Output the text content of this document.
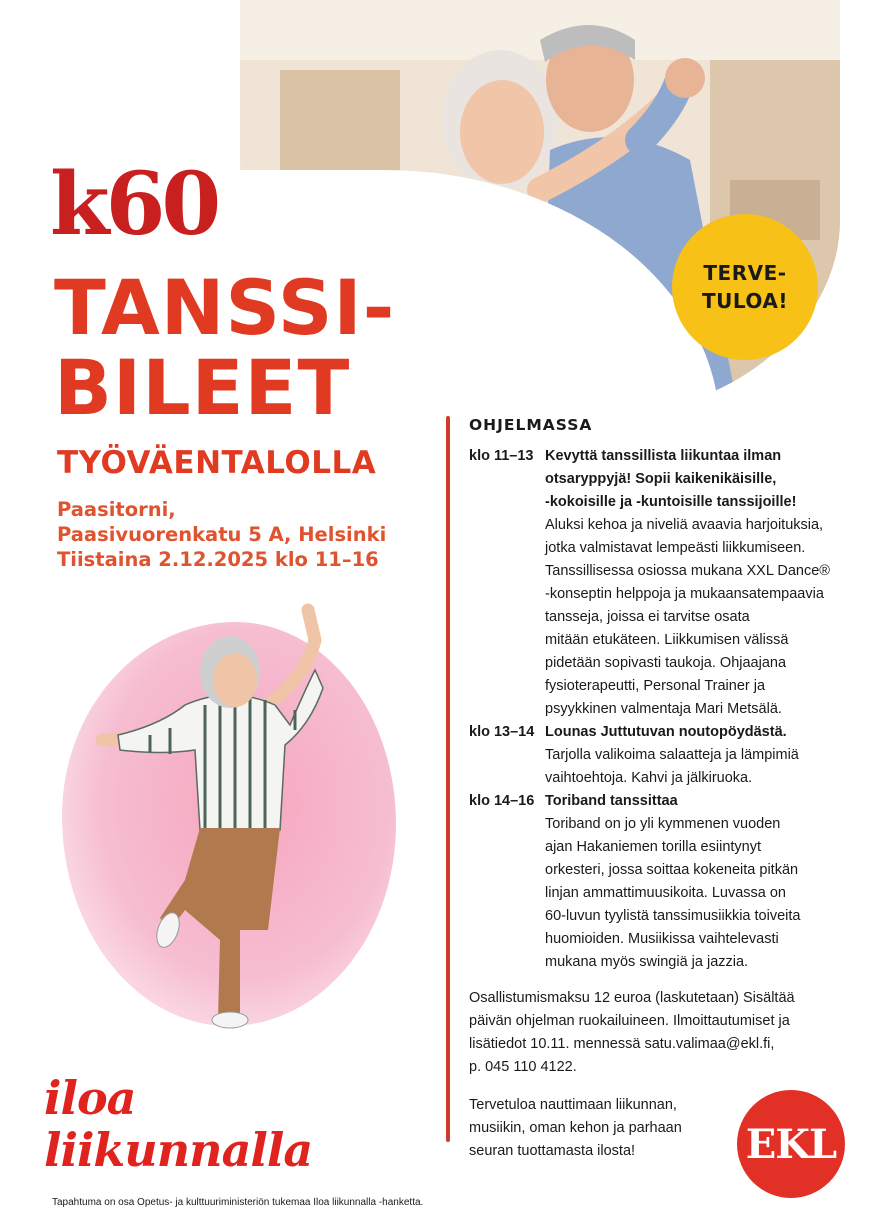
TERVE-
TULOA!
k60
TANSSI-
BILEET
TYÖVÄENTALOLLA
Paasitorni,
Paasivuorenkatu 5 A, Helsinki
Tiistaina 2.12.2025 klo 11–16
OHJELMASSA
klo 11–13 Kevyttä tanssillista liikuntaa ilman
otsaryppyjä! Sopii kaikenikäisille,
-kokoisille ja -kuntoisille tanssijoille!
Aluksi kehoa ja niveliä avaavia harjoituksia,
jotka valmistavat lempeästi liikkumiseen.
Tanssillisessa osiossa mukana XXL Dance®
-konseptin helppoja ja mukaansatempaavia
tansseja, joissa ei tarvitse osata
mitään etukäteen. Liikkumisen välissä
pidetään sopivasti taukoja. Ohjaajana
fysioterapeutti, Personal Trainer ja
psyykkinen valmentaja Mari Metsälä.
klo 13–14 Lounas Juttutuvan noutopöydästä.
Tarjolla valikoima salaatteja ja lämpimiä
vaihtoehtoja. Kahvi ja jälkiruoka.
klo 14–16 Toriband tanssittaa
Toriband on jo yli kymmenen vuoden
ajan Hakaniemen torilla esiintynyt
orkesteri, jossa soittaa kokeneita pitkän
linjan ammattimuusikoita. Luvassa on
60-luvun tyylistä tanssimusiikkia toiveita
huomioiden. Musiikissa vaihtelevasti
mukana myös swingiä ja jazzia.
Osallistumismaksu 12 euroa (laskutetaan) Sisältää
päivän ohjelman ruokailuineen. Ilmoittautumiset ja
lisätiedot 10.11. mennessä satu.valimaa@ekl.fi,
p. 045 110 4122.
Tervetuloa nauttimaan liikunnan,
musiikin, oman kehon ja parhaan
seuran tuottamasta ilosta!
iloa
liikunnalla	EKL
Tapahtuma on osa Opetus- ja kulttuuriministeriön tukemaa Iloa liikunnalla -hanketta.
